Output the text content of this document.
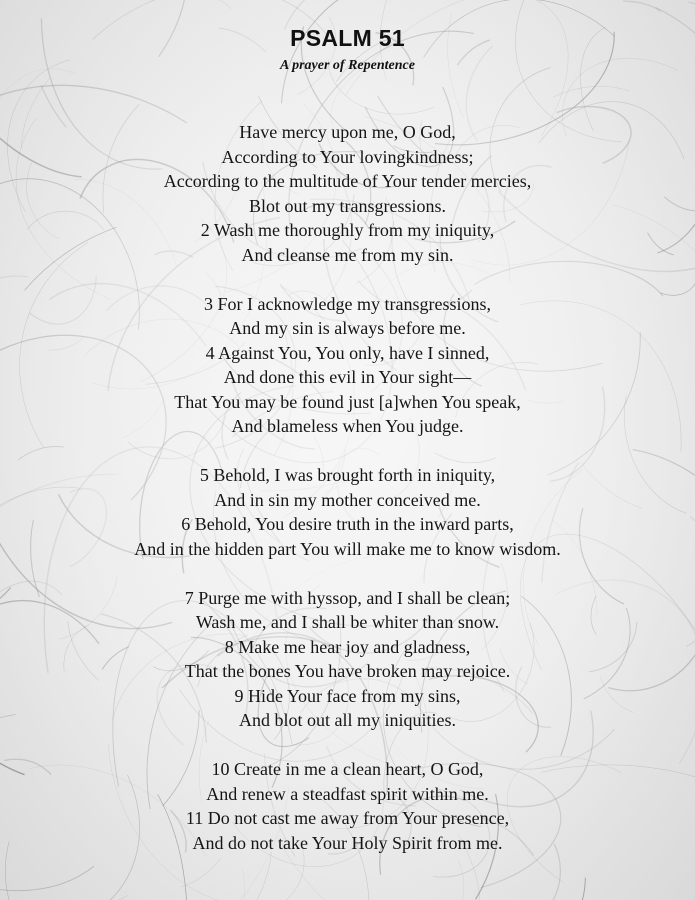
PSALM 51
A prayer of Repentence
Have mercy upon me, O God,
According to Your lovingkindness;
According to the multitude of Your tender mercies,
Blot out my transgressions.
2 Wash me thoroughly from my iniquity,
And cleanse me from my sin.
3 For I acknowledge my transgressions,
And my sin is always before me.
4 Against You, You only, have I sinned,
And done this evil in Your sight—
That You may be found just [a]when You speak,
And blameless when You judge.
5 Behold, I was brought forth in iniquity,
And in sin my mother conceived me.
6 Behold, You desire truth in the inward parts,
And in the hidden part You will make me to know wisdom.
7 Purge me with hyssop, and I shall be clean;
Wash me, and I shall be whiter than snow.
8 Make me hear joy and gladness,
That the bones You have broken may rejoice.
9 Hide Your face from my sins,
And blot out all my iniquities.
10 Create in me a clean heart, O God,
And renew a steadfast spirit within me.
11 Do not cast me away from Your presence,
And do not take Your Holy Spirit from me.
